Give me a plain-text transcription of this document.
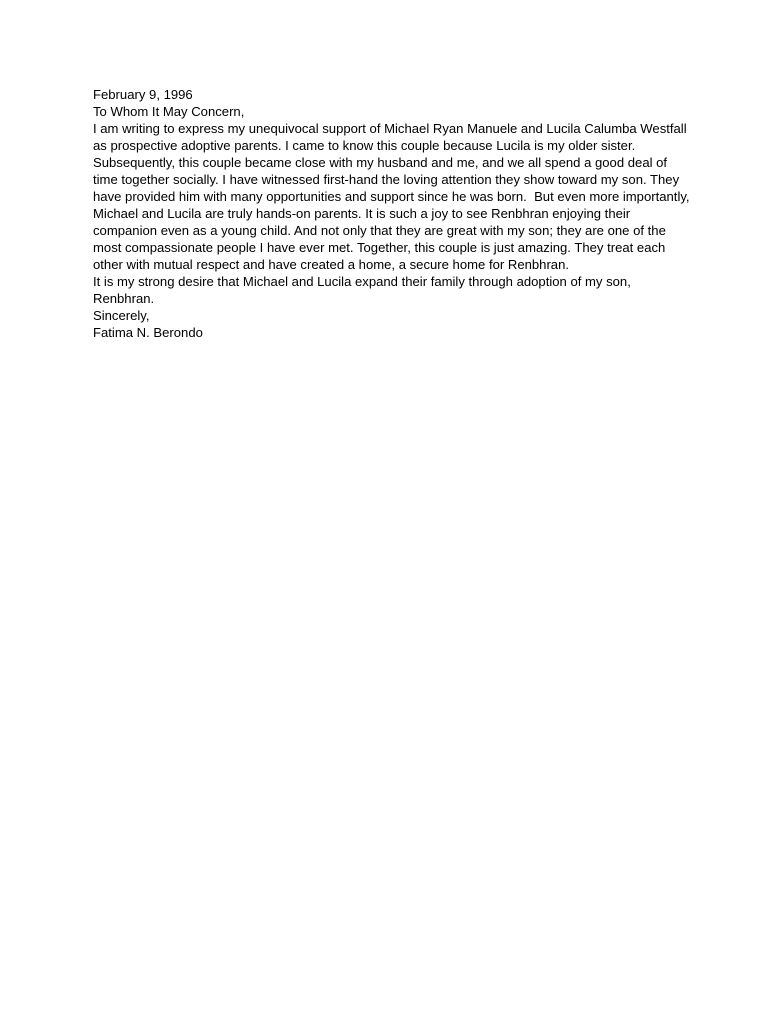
February 9, 1996

To Whom It May Concern,

I am writing to express my unequivocal support of Michael Ryan Manuele and Lucila Calumba Westfall as prospective adoptive parents. I came to know this couple because Lucila is my older sister.

Subsequently, this couple became close with my husband and me, and we all spend a good deal of time together socially. I have witnessed first-hand the loving attention they show toward my son. They have provided him with many opportunities and support since he was born.  But even more importantly, Michael and Lucila are truly hands-on parents. It is such a joy to see Renbhran enjoying their companion even as a young child. And not only that they are great with my son; they are one of the most compassionate people I have ever met. Together, this couple is just amazing. They treat each other with mutual respect and have created a home, a secure home for Renbhran.

It is my strong desire that Michael and Lucila expand their family through adoption of my son, Renbhran.

Sincerely,

Fatima N. Berondo
